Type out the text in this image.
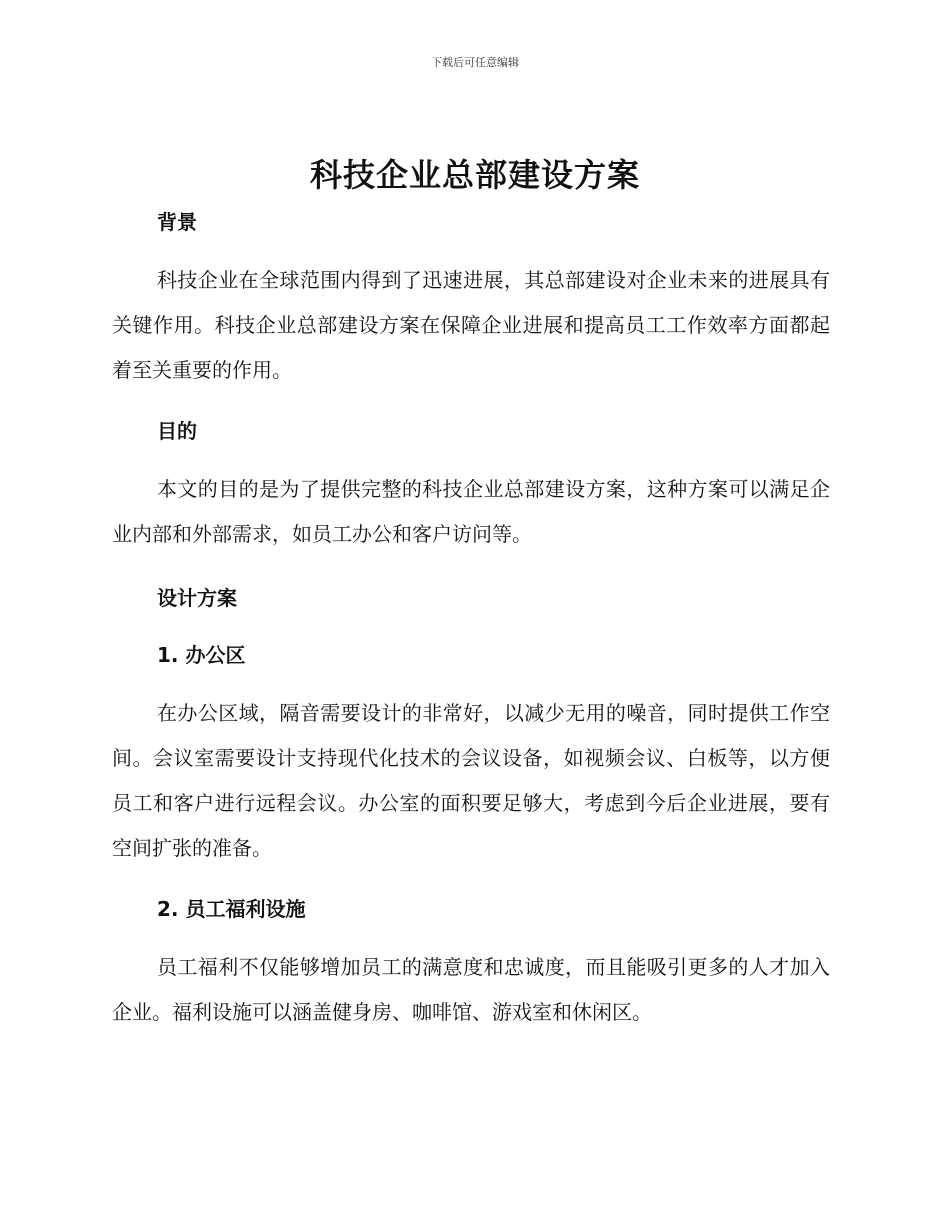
下载后可任意编辑
科技企业总部建设方案

背景

科技企业在全球范围内得到了迅速进展，其总部建设对企业未来的进展具有关键作用。科技企业总部建设方案在保障企业进展和提高员工工作效率方面都起着至关重要的作用。

目的

本文的目的是为了提供完整的科技企业总部建设方案，这种方案可以满足企业内部和外部需求，如员工办公和客户访问等。

设计方案

1. 办公区

在办公区域，隔音需要设计的非常好，以减少无用的噪音，同时提供工作空间。会议室需要设计支持现代化技术的会议设备，如视频会议、白板等，以方便员工和客户进行远程会议。办公室的面积要足够大，考虑到今后企业进展，要有空间扩张的准备。

2. 员工福利设施

员工福利不仅能够增加员工的满意度和忠诚度，而且能吸引更多的人才加入企业。福利设施可以涵盖健身房、咖啡馆、游戏室和休闲区。
